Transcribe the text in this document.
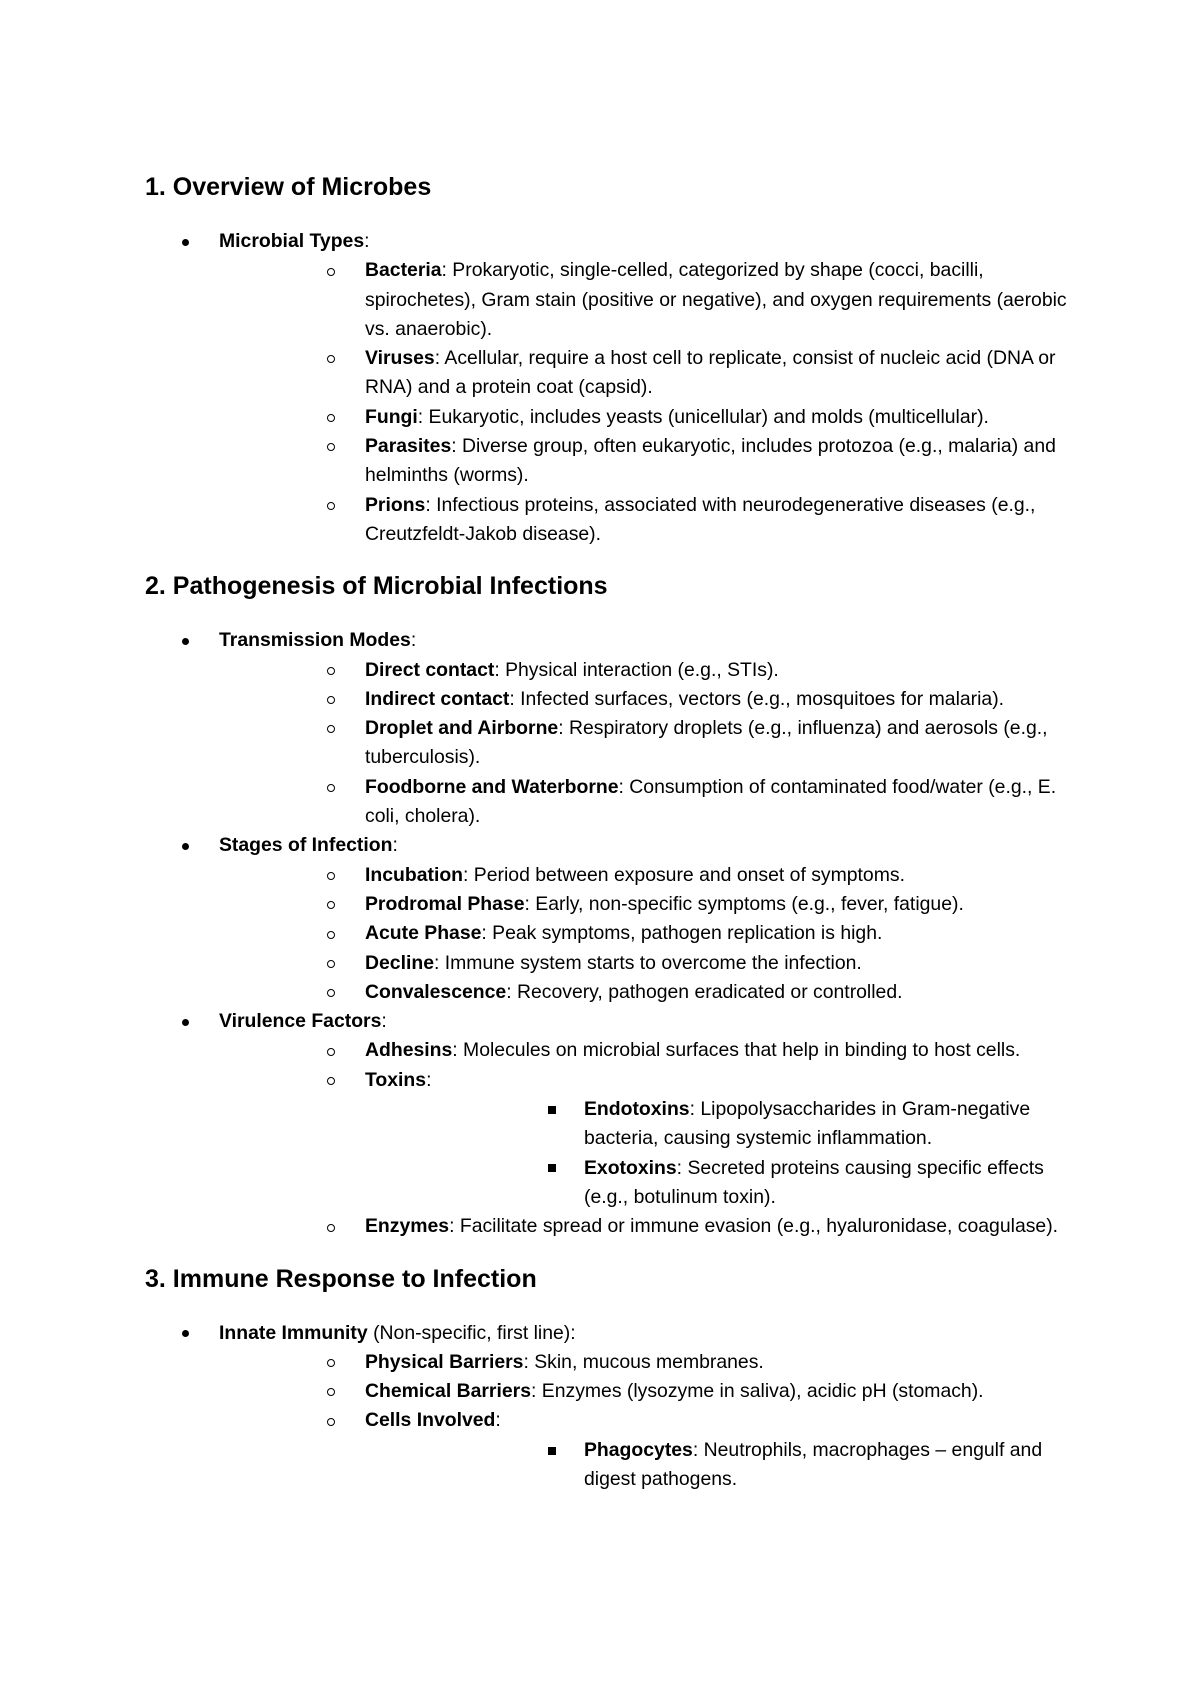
1. Overview of Microbes
Microbial Types:
Bacteria: Prokaryotic, single-celled, categorized by shape (cocci, bacilli, spirochetes), Gram stain (positive or negative), and oxygen requirements (aerobic vs. anaerobic).
Viruses: Acellular, require a host cell to replicate, consist of nucleic acid (DNA or RNA) and a protein coat (capsid).
Fungi: Eukaryotic, includes yeasts (unicellular) and molds (multicellular).
Parasites: Diverse group, often eukaryotic, includes protozoa (e.g., malaria) and helminths (worms).
Prions: Infectious proteins, associated with neurodegenerative diseases (e.g., Creutzfeldt-Jakob disease).
2. Pathogenesis of Microbial Infections
Transmission Modes:
Direct contact: Physical interaction (e.g., STIs).
Indirect contact: Infected surfaces, vectors (e.g., mosquitoes for malaria).
Droplet and Airborne: Respiratory droplets (e.g., influenza) and aerosols (e.g., tuberculosis).
Foodborne and Waterborne: Consumption of contaminated food/water (e.g., E. coli, cholera).
Stages of Infection:
Incubation: Period between exposure and onset of symptoms.
Prodromal Phase: Early, non-specific symptoms (e.g., fever, fatigue).
Acute Phase: Peak symptoms, pathogen replication is high.
Decline: Immune system starts to overcome the infection.
Convalescence: Recovery, pathogen eradicated or controlled.
Virulence Factors:
Adhesins: Molecules on microbial surfaces that help in binding to host cells.
Toxins:
Endotoxins: Lipopolysaccharides in Gram-negative bacteria, causing systemic inflammation.
Exotoxins: Secreted proteins causing specific effects (e.g., botulinum toxin).
Enzymes: Facilitate spread or immune evasion (e.g., hyaluronidase, coagulase).
3. Immune Response to Infection
Innate Immunity (Non-specific, first line):
Physical Barriers: Skin, mucous membranes.
Chemical Barriers: Enzymes (lysozyme in saliva), acidic pH (stomach).
Cells Involved:
Phagocytes: Neutrophils, macrophages – engulf and digest pathogens.
